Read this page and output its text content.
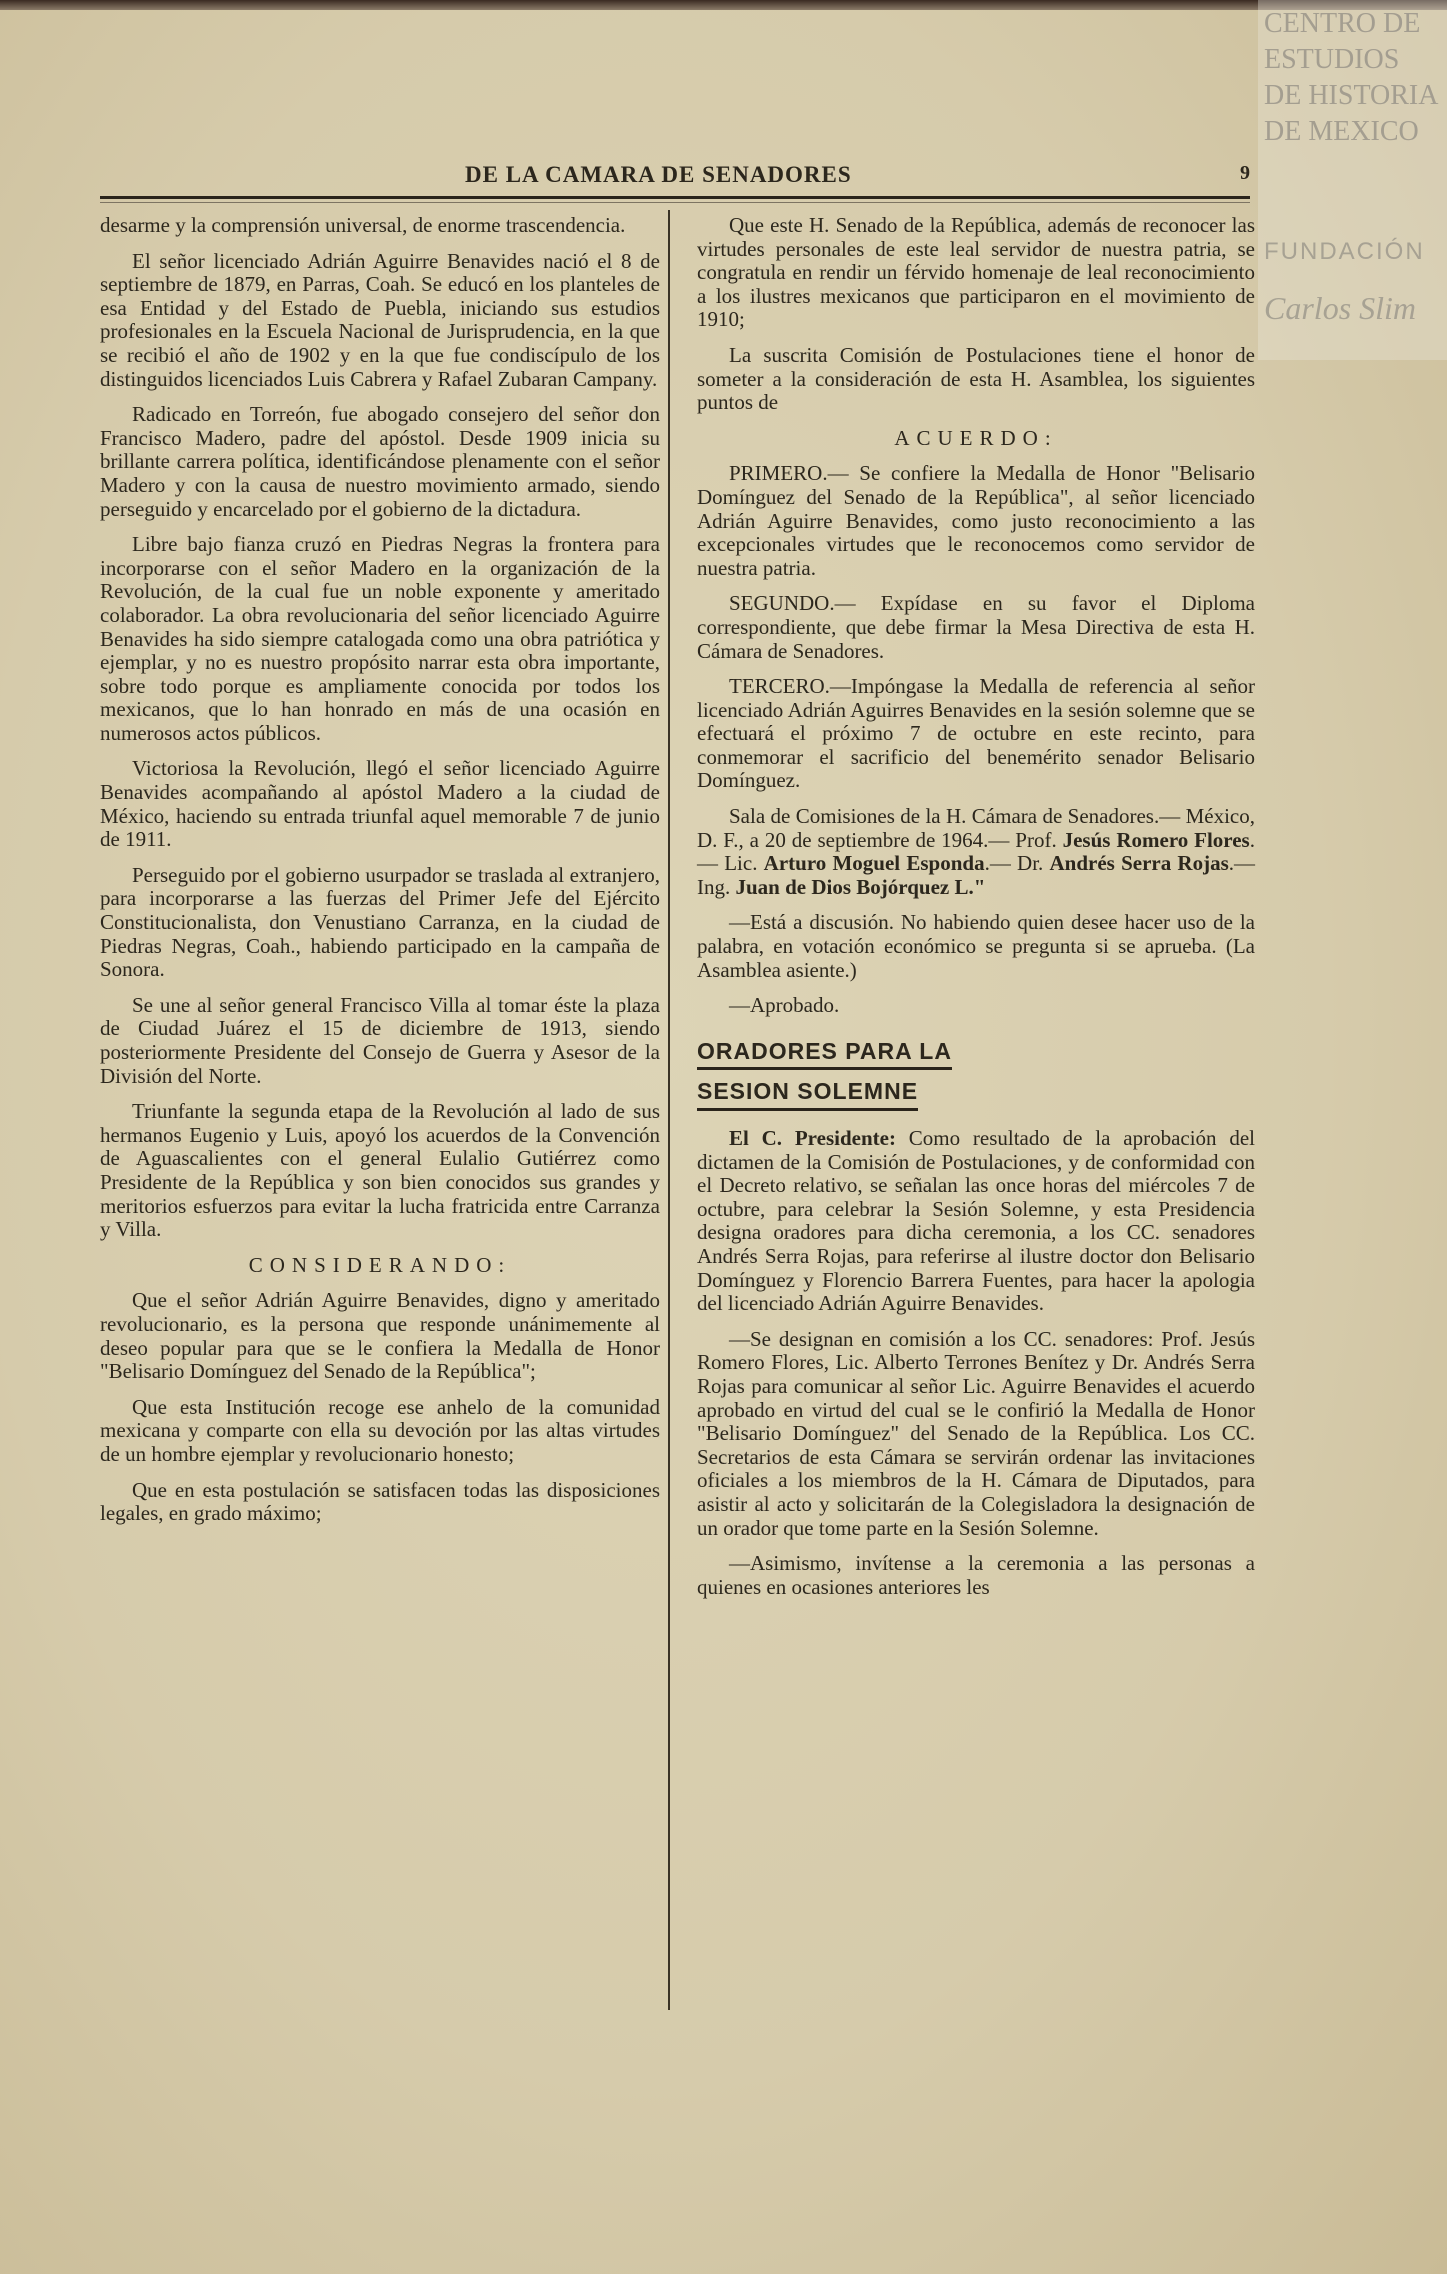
CENTRO DE
ESTUDIOS
DE HISTORIA
DE MEXICO
FUNDACIÓN
Carlos Slim
DE LA CAMARA DE SENADORES	9

desarme y la comprensión universal, de enorme trascendencia.

El señor licenciado Adrián Aguirre Benavides nació el 8 de septiembre de 1879, en Parras, Coah. Se educó en los planteles de esa Entidad y del Estado de Puebla, iniciando sus estudios profesionales en la Escuela Nacional de Jurisprudencia, en la que se recibió el año de 1902 y en la que fue condiscípulo de los distinguidos licenciados Luis Cabrera y Rafael Zubaran Campany.

Radicado en Torreón, fue abogado consejero del señor don Francisco Madero, padre del apóstol. Desde 1909 inicia su brillante carrera política, identificándose plenamente con el señor Madero y con la causa de nuestro movimiento armado, siendo perseguido y encarcelado por el gobierno de la dictadura.

Libre bajo fianza cruzó en Piedras Negras la frontera para incorporarse con el señor Madero en la organización de la Revolución, de la cual fue un noble exponente y ameritado colaborador. La obra revolucionaria del señor licenciado Aguirre Benavides ha sido siempre catalogada como una obra patriótica y ejemplar, y no es nuestro propósito narrar esta obra importante, sobre todo porque es ampliamente conocida por todos los mexicanos, que lo han honrado en más de una ocasión en numerosos actos públicos.

Victoriosa la Revolución, llegó el señor licenciado Aguirre Benavides acompañando al apóstol Madero a la ciudad de México, haciendo su entrada triunfal aquel memorable 7 de junio de 1911.

Perseguido por el gobierno usurpador se traslada al extranjero, para incorporarse a las fuerzas del Primer Jefe del Ejército Constitucionalista, don Venustiano Carranza, en la ciudad de Piedras Negras, Coah., habiendo participado en la campaña de Sonora.

Se une al señor general Francisco Villa al tomar éste la plaza de Ciudad Juárez el 15 de diciembre de 1913, siendo posteriormente Presidente del Consejo de Guerra y Asesor de la División del Norte.

Triunfante la segunda etapa de la Revolución al lado de sus hermanos Eugenio y Luis, apoyó los acuerdos de la Convención de Aguascalientes con el general Eulalio Gutiérrez como Presidente de la República y son bien conocidos sus grandes y meritorios esfuerzos para evitar la lucha fratricida entre Carranza y Villa.

CONSIDERANDO:

Que el señor Adrián Aguirre Benavides, digno y ameritado revolucionario, es la persona que responde unánimemente al deseo popular para que se le confiera la Medalla de Honor "Belisario Domínguez del Senado de la República";

Que esta Institución recoge ese anhelo de la comunidad mexicana y comparte con ella su devoción por las altas virtudes de un hombre ejemplar y revolucionario honesto;

Que en esta postulación se satisfacen todas las disposiciones legales, en grado máximo;

Que este H. Senado de la República, además de reconocer las virtudes personales de este leal servidor de nuestra patria, se congratula en rendir un férvido homenaje de leal reconocimiento a los ilustres mexicanos que participaron en el movimiento de 1910;

La suscrita Comisión de Postulaciones tiene el honor de someter a la consideración de esta H. Asamblea, los siguientes puntos de

ACUERDO:

PRIMERO.— Se confiere la Medalla de Honor "Belisario Domínguez del Senado de la República", al señor licenciado Adrián Aguirre Benavides, como justo reconocimiento a las excepcionales virtudes que le reconocemos como servidor de nuestra patria.

SEGUNDO.— Expídase en su favor el Diploma correspondiente, que debe firmar la Mesa Directiva de esta H. Cámara de Senadores.

TERCERO.—Impóngase la Medalla de referencia al señor licenciado Adrián Aguirres Benavides en la sesión solemne que se efectuará el próximo 7 de octubre en este recinto, para conmemorar el sacrificio del benemérito senador Belisario Domínguez.

Sala de Comisiones de la H. Cámara de Senadores.— México, D. F., a 20 de septiembre de 1964.— Prof. Jesús Romero Flores.— Lic. Arturo Moguel Esponda.— Dr. Andrés Serra Rojas.— Ing. Juan de Dios Bojórquez L."

—Está a discusión. No habiendo quien desee hacer uso de la palabra, en votación económico se pregunta si se aprueba. (La Asamblea asiente.)

—Aprobado.

ORADORES PARA LA

SESION SOLEMNE

El C. Presidente: Como resultado de la aprobación del dictamen de la Comisión de Postulaciones, y de conformidad con el Decreto relativo, se señalan las once horas del miércoles 7 de octubre, para celebrar la Sesión Solemne, y esta Presidencia designa oradores para dicha ceremonia, a los CC. senadores Andrés Serra Rojas, para referirse al ilustre doctor don Belisario Domínguez y Florencio Barrera Fuentes, para hacer la apologia del licenciado Adrián Aguirre Benavides.

—Se designan en comisión a los CC. senadores: Prof. Jesús Romero Flores, Lic. Alberto Terrones Benítez y Dr. Andrés Serra Rojas para comunicar al señor Lic. Aguirre Benavides el acuerdo aprobado en virtud del cual se le confirió la Medalla de Honor "Belisario Domínguez" del Senado de la República. Los CC. Secretarios de esta Cámara se servirán ordenar las invitaciones oficiales a los miembros de la H. Cámara de Diputados, para asistir al acto y solicitarán de la Colegisladora la designación de un orador que tome parte en la Sesión Solemne.

—Asimismo, invítense a la ceremonia a las personas a quienes en ocasiones anteriores les
